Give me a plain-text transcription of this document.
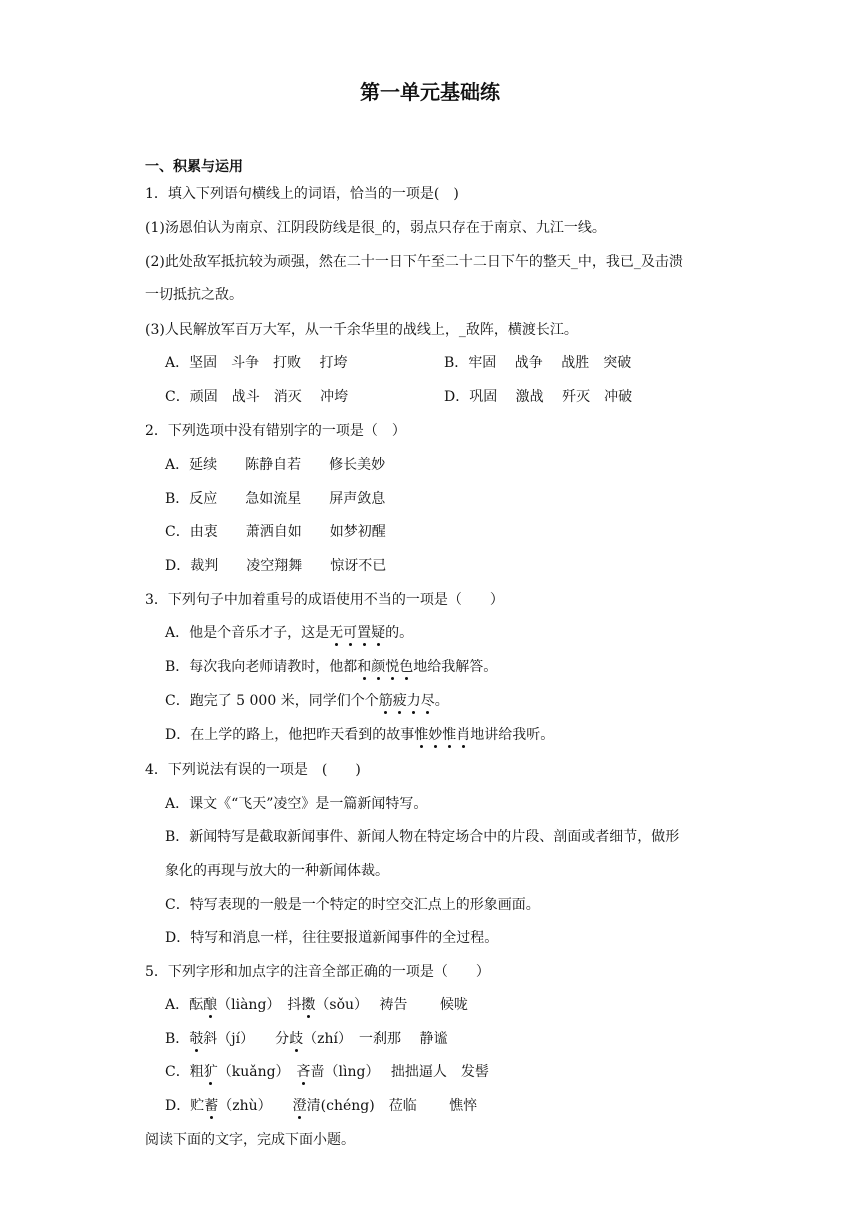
第一单元基础练
一、积累与运用
1．填入下列语句横线上的词语，恰当的一项是(　)
(1)汤恩伯认为南京、江阴段防线是很_的，弱点只存在于南京、九江一线。
(2)此处敌军抵抗较为顽强，然在二十一日下午至二十二日下午的整天_中，我已_及击溃
一切抵抗之敌。
(3)人民解放军百万大军，从一千余华里的战线上，_敌阵，横渡长江。
A．坚固　斗争　打败　 打垮	B．牢固　 战争　 战胜　突破
C．顽固　战斗　消灭　 冲垮	D．巩固　 激战　 歼灭　冲破
2．下列选项中没有错别字的一项是（　）
A．延续　　陈静自若　　修长美妙
B．反应　　急如流星　　屏声敛息
C．由衷　　萧洒自如　　如梦初醒
D．裁判　　凌空翔舞　　惊讶不已
3．下列句子中加着重号的成语使用不当的一项是（　　）
A．他是个音乐才子，这是无可置疑的。
B．每次我向老师请教时，他都和颜悦色地给我解答。
C．跑完了 5 000 米，同学们个个筋疲力尽。
D．在上学的路上，他把昨天看到的故事惟妙惟肖地讲给我听。
4．下列说法有误的一项是　(　　)
A．课文《“飞天”凌空》是一篇新闻特写。
B．新闻特写是截取新闻事件、新闻人物在特定场合中的片段、剖面或者细节，做形
象化的再现与放大的一种新闻体裁。
C．特写表现的一般是一个特定的时空交汇点上的形象画面。
D．特写和消息一样，往往要报道新闻事件的全过程。
5．下列字形和加点字的注音全部正确的一项是（　　）
A．酝酿（liàng）　抖擞（sǒu）　 祷告　　 候咙
B．攲斜（jí）　　分歧（zhí）　一刹那　 静谧
C．粗犷（kuǎng）　吝啬（lìng）　 拙拙逼人　发髻
D．贮蓄（zhù）　　澄清(chéng)　莅临　　 憔悴
阅读下面的文字，完成下面小题。
